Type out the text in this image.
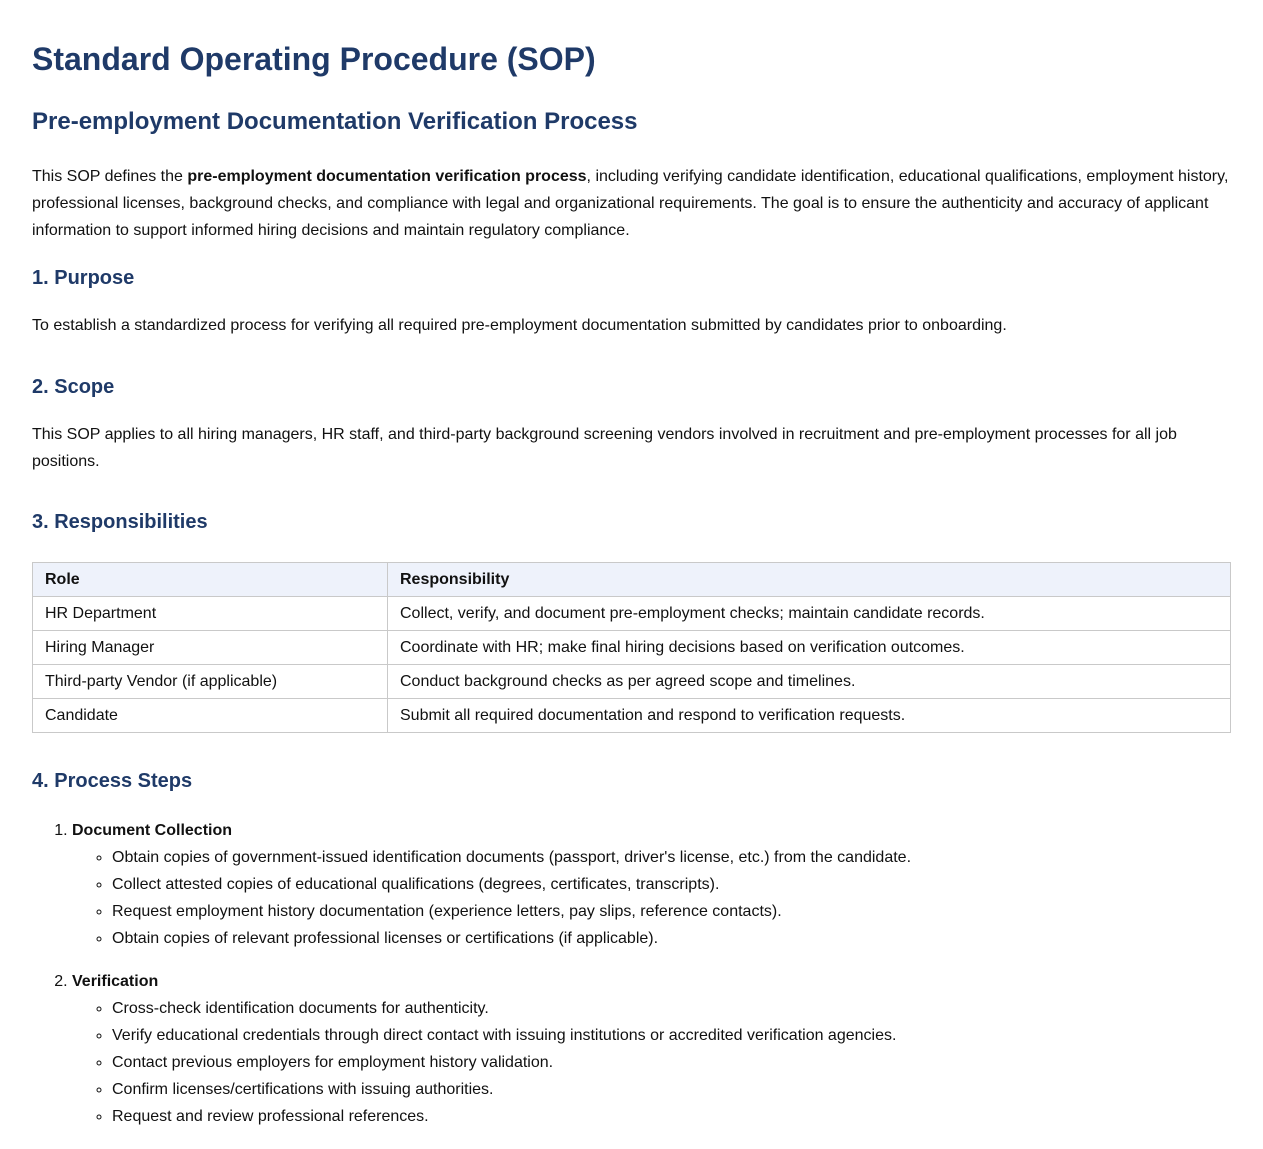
Standard Operating Procedure (SOP)
Pre-employment Documentation Verification Process

This SOP defines the pre-employment documentation verification process, including verifying candidate identification, educational qualifications, employment history, professional licenses, background checks, and compliance with legal and organizational requirements. The goal is to ensure the authenticity and accuracy of applicant information to support informed hiring decisions and maintain regulatory compliance.

1. Purpose

To establish a standardized process for verifying all required pre-employment documentation submitted by candidates prior to onboarding.

2. Scope

This SOP applies to all hiring managers, HR staff, and third-party background screening vendors involved in recruitment and pre-employment processes for all job positions.

3. Responsibilities
Role	Responsibility
HR Department	Collect, verify, and document pre-employment checks; maintain candidate records.
Hiring Manager	Coordinate with HR; make final hiring decisions based on verification outcomes.
Third-party Vendor (if applicable)	Conduct background checks as per agreed scope and timelines.
Candidate	Submit all required documentation and respond to verification requests.
4. Process Steps
1. Document Collection
◦ Obtain copies of government-issued identification documents (passport, driver's license, etc.) from the candidate.
◦ Collect attested copies of educational qualifications (degrees, certificates, transcripts).
◦ Request employment history documentation (experience letters, pay slips, reference contacts).
◦ Obtain copies of relevant professional licenses or certifications (if applicable).
2. Verification
◦ Cross-check identification documents for authenticity.
◦ Verify educational credentials through direct contact with issuing institutions or accredited verification agencies.
◦ Contact previous employers for employment history validation.
◦ Confirm licenses/certifications with issuing authorities.
◦ Request and review professional references.
